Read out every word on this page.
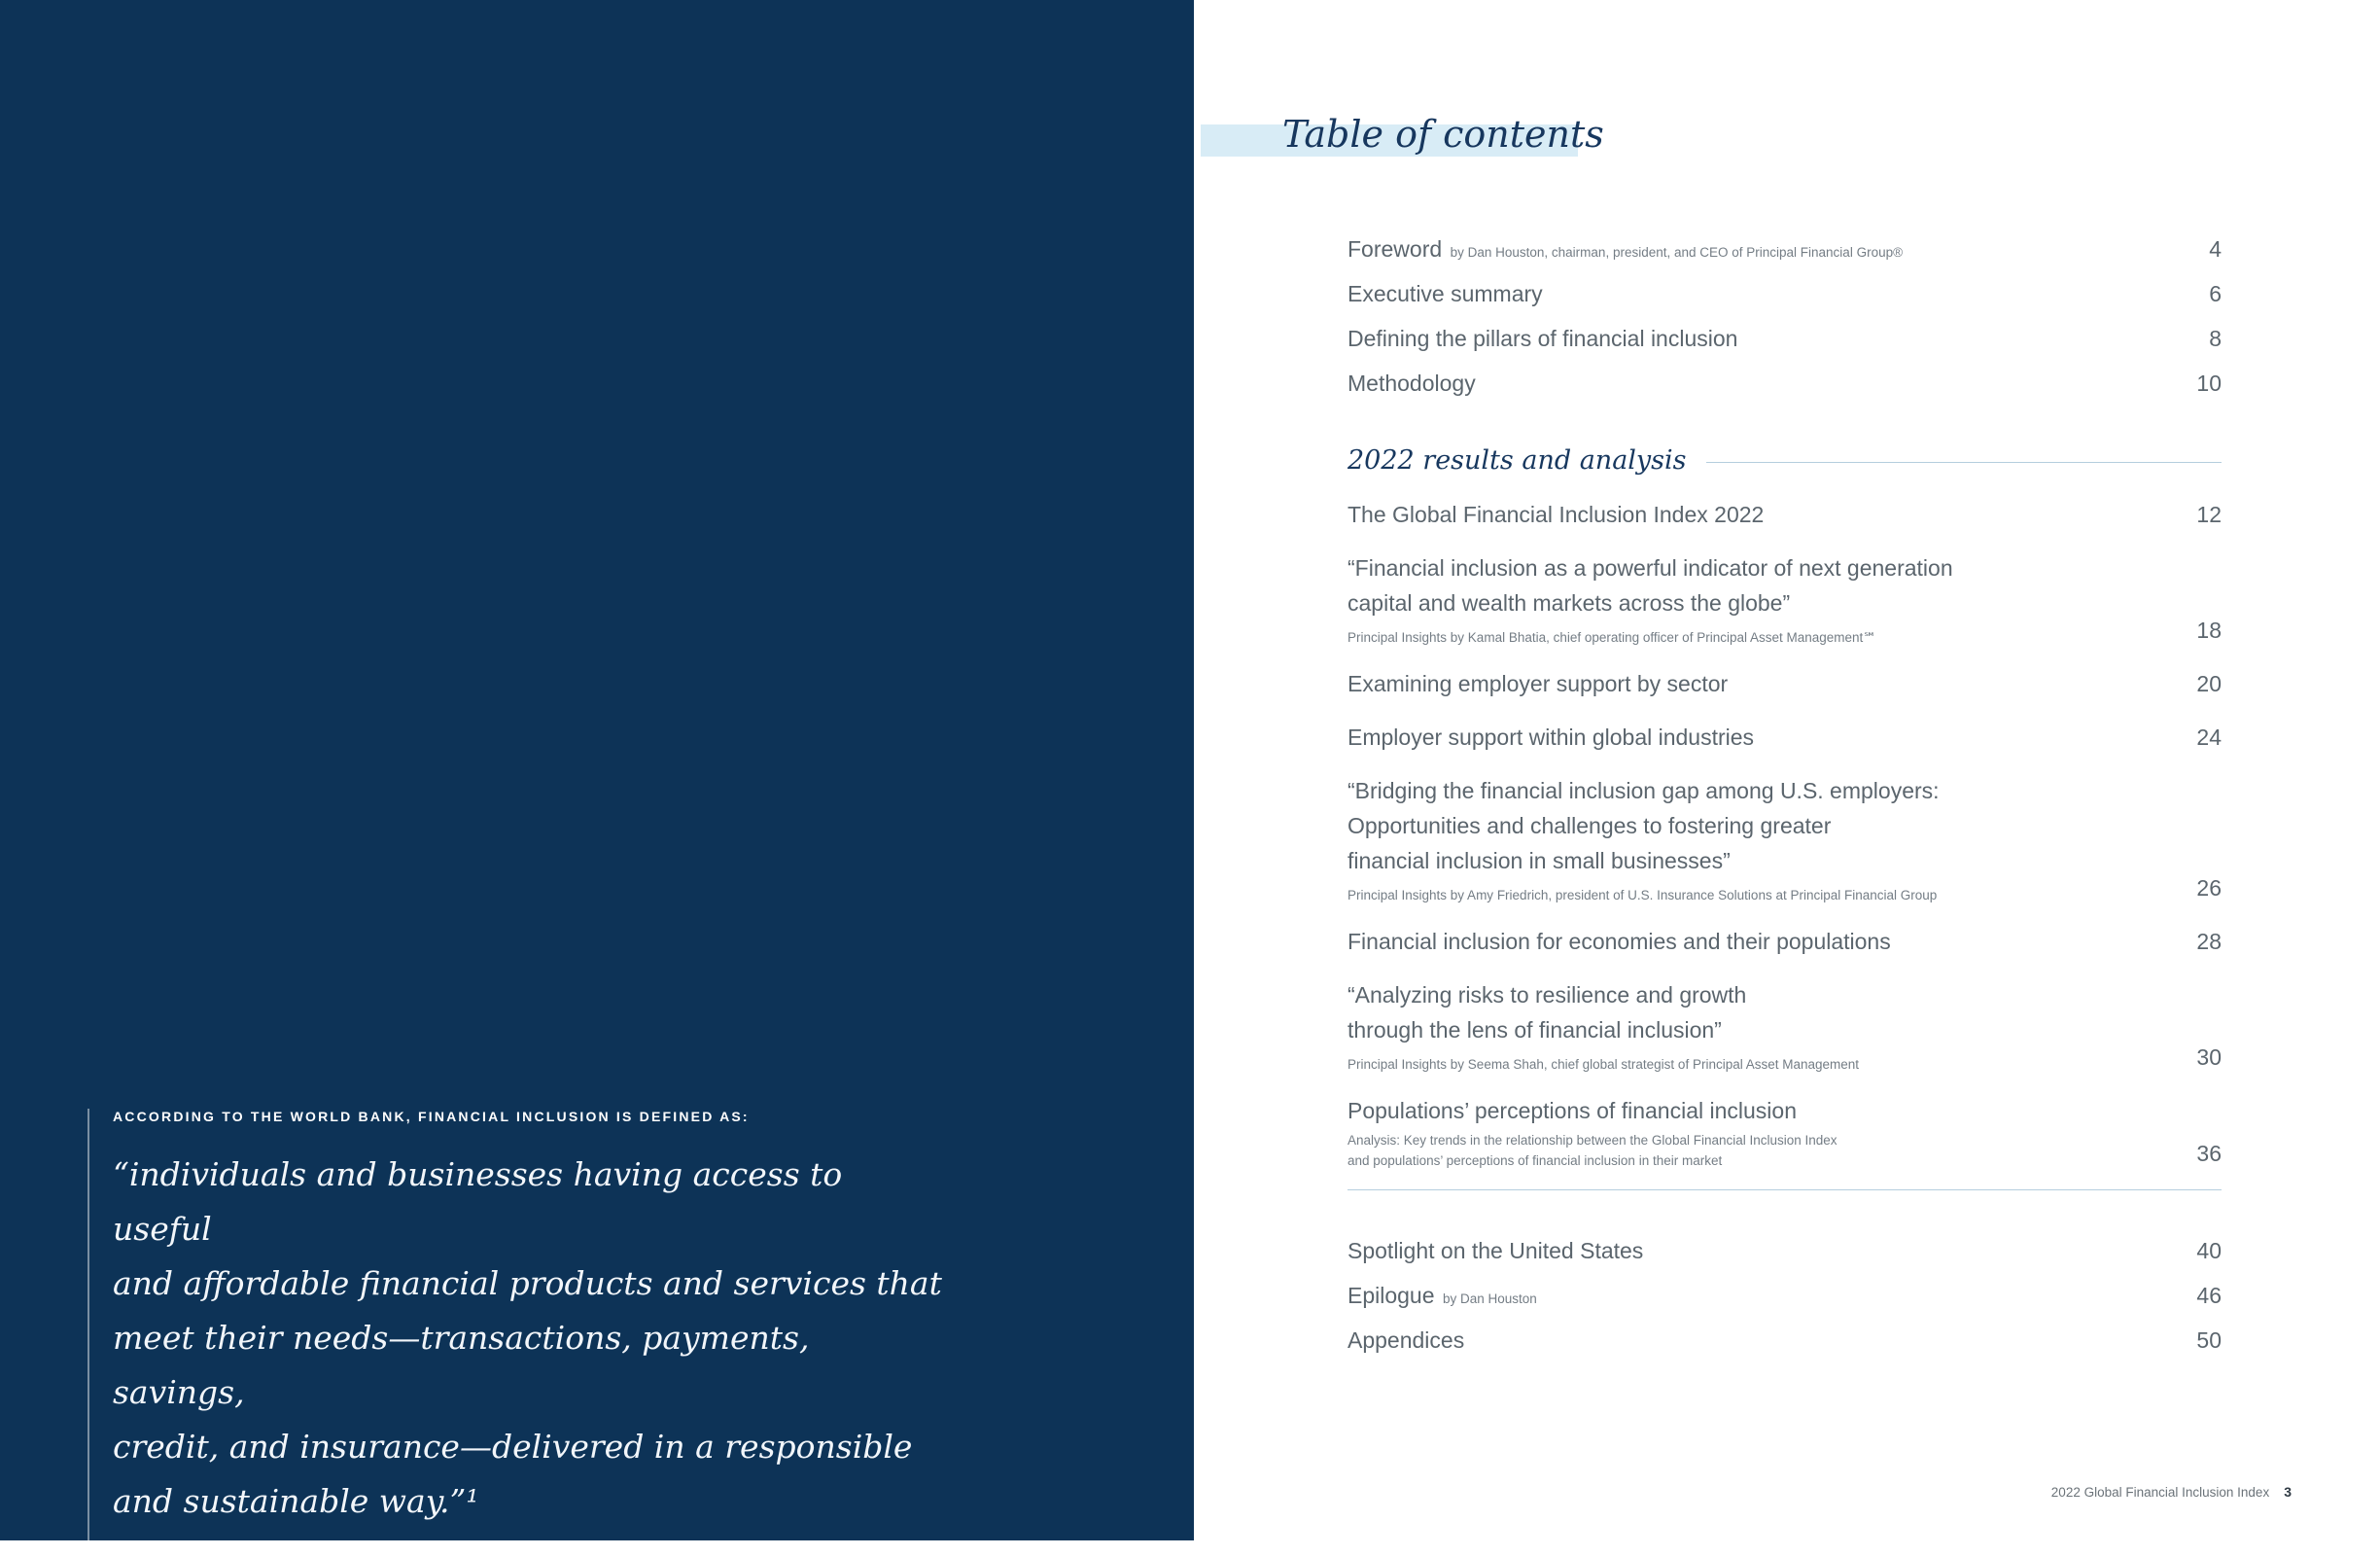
ACCORDING TO THE WORLD BANK, FINANCIAL INCLUSION IS DEFINED AS:
“individuals and businesses having access to useful
and affordable financial products and services that
meet their needs—transactions, payments, savings,
credit, and insurance—delivered in a responsible
and sustainable way.”¹
¹ World Bank
Table of contents
Foreword by Dan Houston, chairman, president, and CEO of Principal Financial Group®	4
Executive summary	6
Defining the pillars of financial inclusion	8
Methodology	10
2022 results and analysis
The Global Financial Inclusion Index 2022	12
“Financial inclusion as a powerful indicator of next generation
capital and wealth markets across the globe”
Principal Insights by Kamal Bhatia, chief operating officer of Principal Asset Management℠	18
Examining employer support by sector	20
Employer support within global industries	24
“Bridging the financial inclusion gap among U.S. employers:
Opportunities and challenges to fostering greater
financial inclusion in small businesses”
Principal Insights by Amy Friedrich, president of U.S. Insurance Solutions at Principal Financial Group	26
Financial inclusion for economies and their populations	28
“Analyzing risks to resilience and growth
through the lens of financial inclusion”
Principal Insights by Seema Shah, chief global strategist of Principal Asset Management	30
Populations’ perceptions of financial inclusion
Analysis: Key trends in the relationship between the Global Financial Inclusion Index
and populations’ perceptions of financial inclusion in their market	36
Spotlight on the United States	40
Epilogue by Dan Houston	46
Appendices	50
2022 Global Financial Inclusion Index 3
